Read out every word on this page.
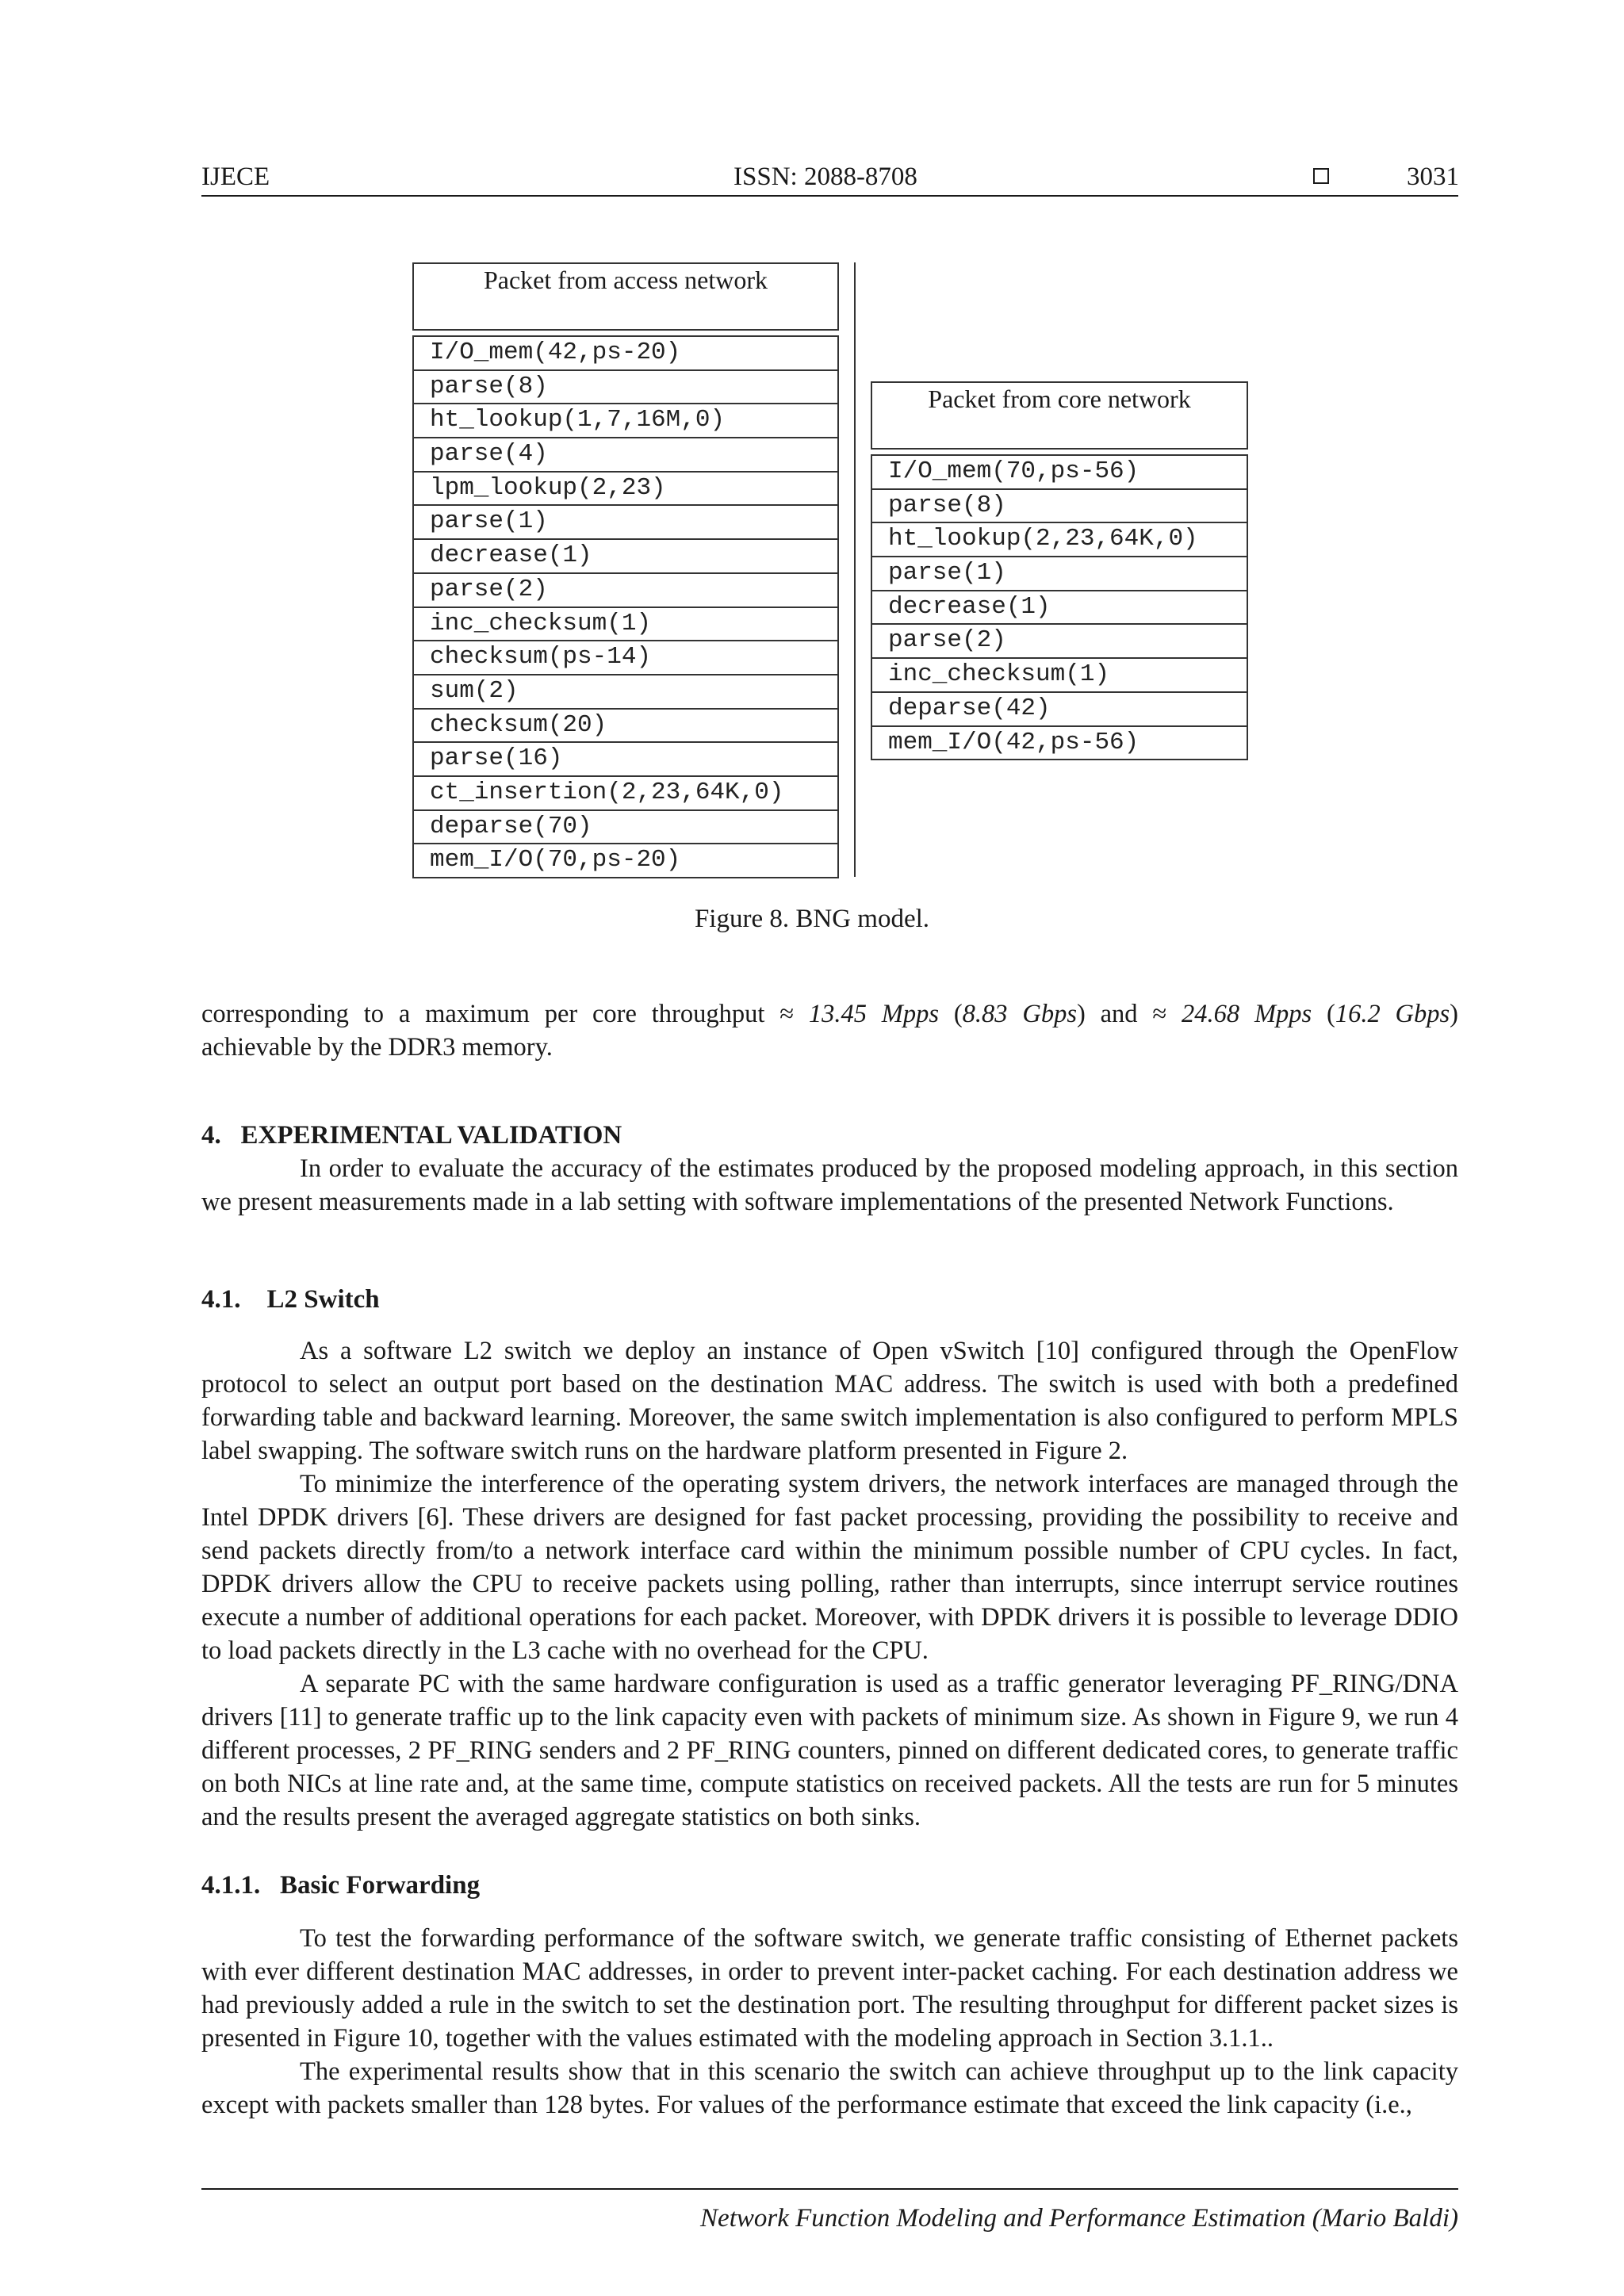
IJECE	ISSN: 2088-8708	3031
Packet from access network
I/O_mem(42,ps-20)
parse(8)
ht_lookup(1,7,16M,0)
parse(4)
lpm_lookup(2,23)
parse(1)
decrease(1)
parse(2)
inc_checksum(1)
checksum(ps-14)
sum(2)
checksum(20)
parse(16)
ct_insertion(2,23,64K,0)
deparse(70)
mem_I/O(70,ps-20)
Packet from core network
I/O_mem(70,ps-56)
parse(8)
ht_lookup(2,23,64K,0)
parse(1)
decrease(1)
parse(2)
inc_checksum(1)
deparse(42)
mem_I/O(42,ps-56)
Figure 8. BNG model.

corresponding to a maximum per core throughput ≈ 13.45 Mpps (8.83 Gbps) and ≈ 24.68 Mpps (16.2 Gbps)

achievable by the DDR3 memory.

4. EXPERIMENTAL VALIDATION

In order to evaluate the accuracy of the estimates produced by the proposed modeling approach, in this section we present measurements made in a lab setting with software implementations of the presented Network Functions.

4.1. L2 Switch

As a software L2 switch we deploy an instance of Open vSwitch [10] configured through the OpenFlow protocol to select an output port based on the destination MAC address. The switch is used with both a predefined forwarding table and backward learning. Moreover, the same switch implementation is also configured to perform MPLS label swapping. The software switch runs on the hardware platform presented in Figure 2.

To minimize the interference of the operating system drivers, the network interfaces are managed through the Intel DPDK drivers [6]. These drivers are designed for fast packet processing, providing the possibility to receive and send packets directly from/to a network interface card within the minimum possible number of CPU cycles. In fact, DPDK drivers allow the CPU to receive packets using polling, rather than interrupts, since interrupt service routines execute a number of additional operations for each packet. Moreover, with DPDK drivers it is possible to leverage DDIO to load packets directly in the L3 cache with no overhead for the CPU.

A separate PC with the same hardware configuration is used as a traffic generator leveraging PF_RING/DNA drivers [11] to generate traffic up to the link capacity even with packets of minimum size. As shown in Figure 9, we run 4 different processes, 2 PF_RING senders and 2 PF_RING counters, pinned on different dedicated cores, to generate traffic on both NICs at line rate and, at the same time, compute statistics on received packets. All the tests are run for 5 minutes and the results present the averaged aggregate statistics on both sinks.

4.1.1. Basic Forwarding

To test the forwarding performance of the software switch, we generate traffic consisting of Ethernet packets with ever different destination MAC addresses, in order to prevent inter-packet caching. For each destination address we had previously added a rule in the switch to set the destination port. The resulting throughput for different packet sizes is presented in Figure 10, together with the values estimated with the modeling approach in Section 3.1.1..

The experimental results show that in this scenario the switch can achieve throughput up to the link capacity except with packets smaller than 128 bytes. For values of the performance estimate that exceed the link capacity (i.e.,

Network Function Modeling and Performance Estimation (Mario Baldi)
